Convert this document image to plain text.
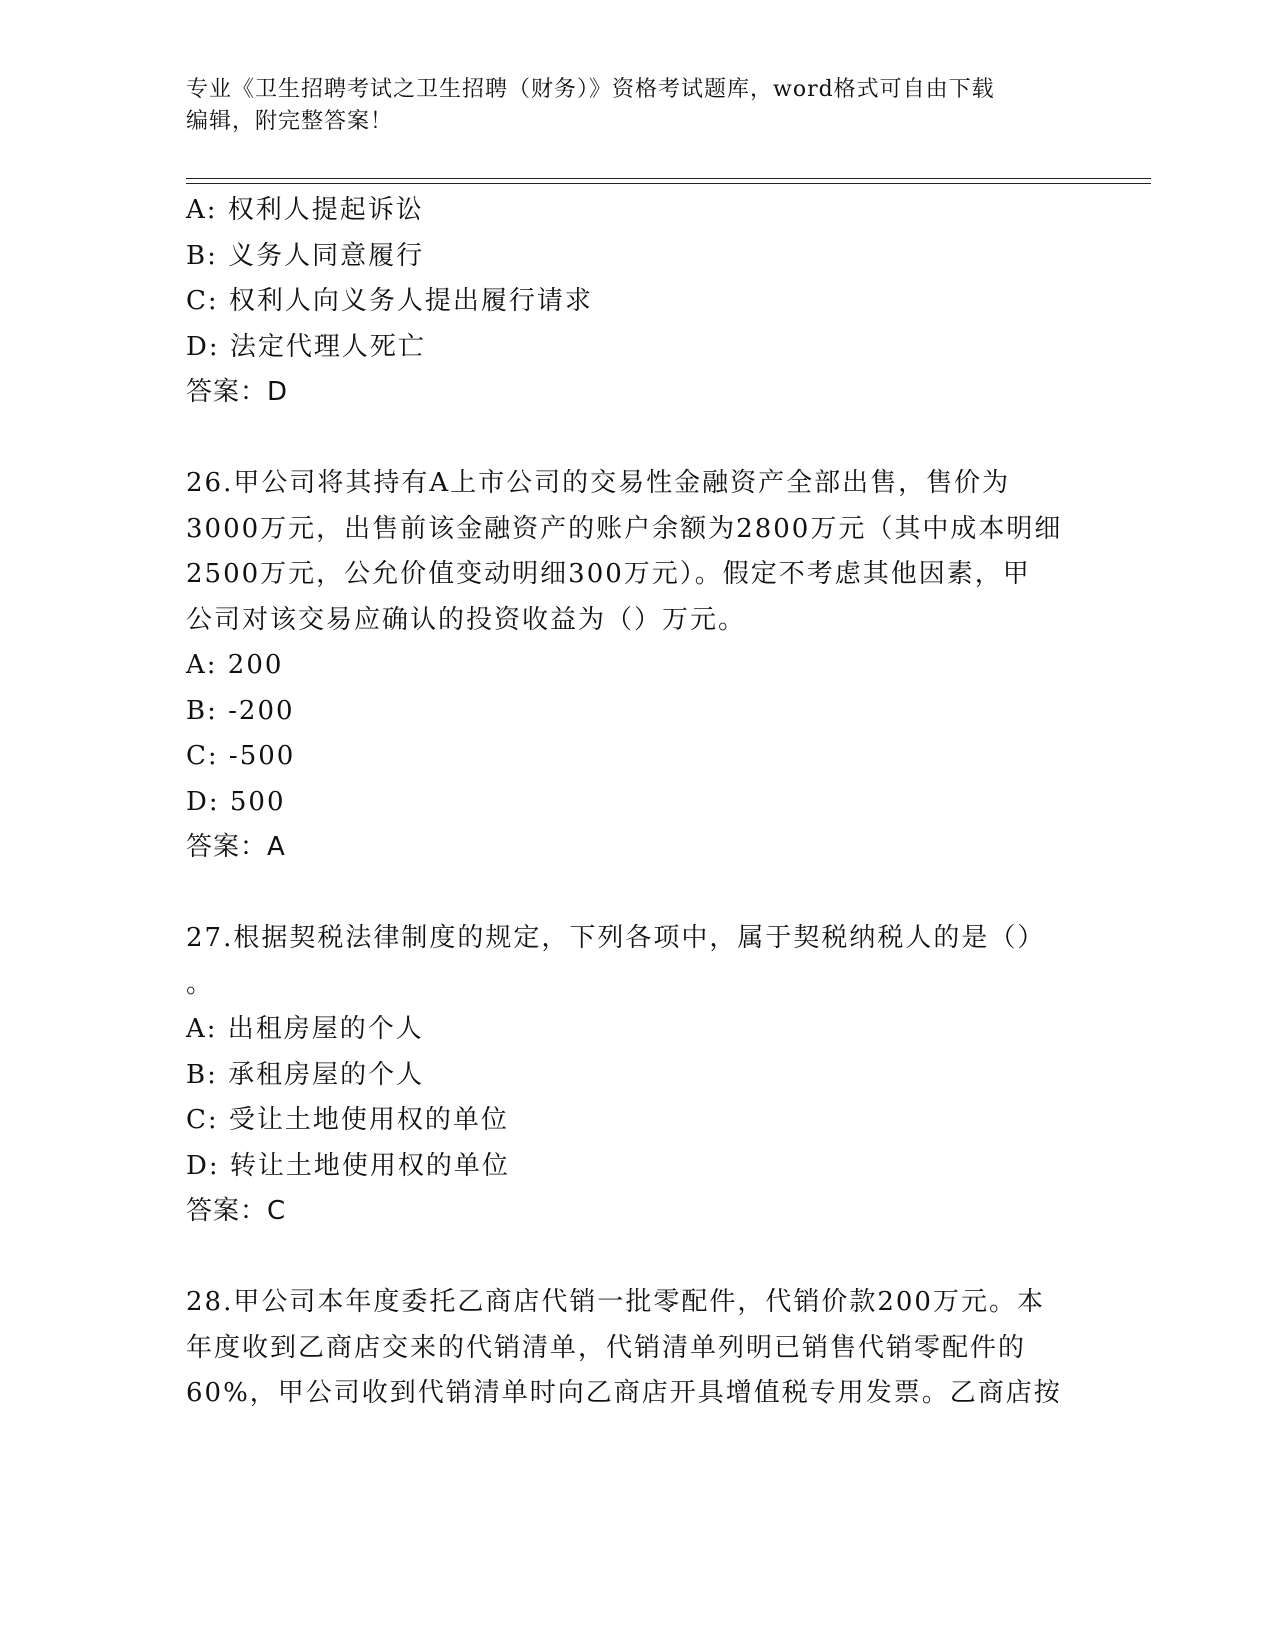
专业《卫生招聘考试之卫生招聘（财务）》资格考试题库，word格式可自由下载
编辑，附完整答案！
A: 权利人提起诉讼
B: 义务人同意履行
C: 权利人向义务人提出履行请求
D: 法定代理人死亡
答案：D
26.甲公司将其持有A上市公司的交易性金融资产全部出售，售价为
3000万元，出售前该金融资产的账户余额为2800万元（其中成本明细
2500万元，公允价值变动明细300万元）。假定不考虑其他因素，甲
公司对该交易应确认的投资收益为（）万元。
A: 200
B: -200
C: -500
D: 500
答案：A
27.根据契税法律制度的规定，下列各项中，属于契税纳税人的是（）
。
A: 出租房屋的个人
B: 承租房屋的个人
C: 受让土地使用权的单位
D: 转让土地使用权的单位
答案：C
28.甲公司本年度委托乙商店代销一批零配件，代销价款200万元。本
年度收到乙商店交来的代销清单，代销清单列明已销售代销零配件的
60%，甲公司收到代销清单时向乙商店开具增值税专用发票。乙商店按
